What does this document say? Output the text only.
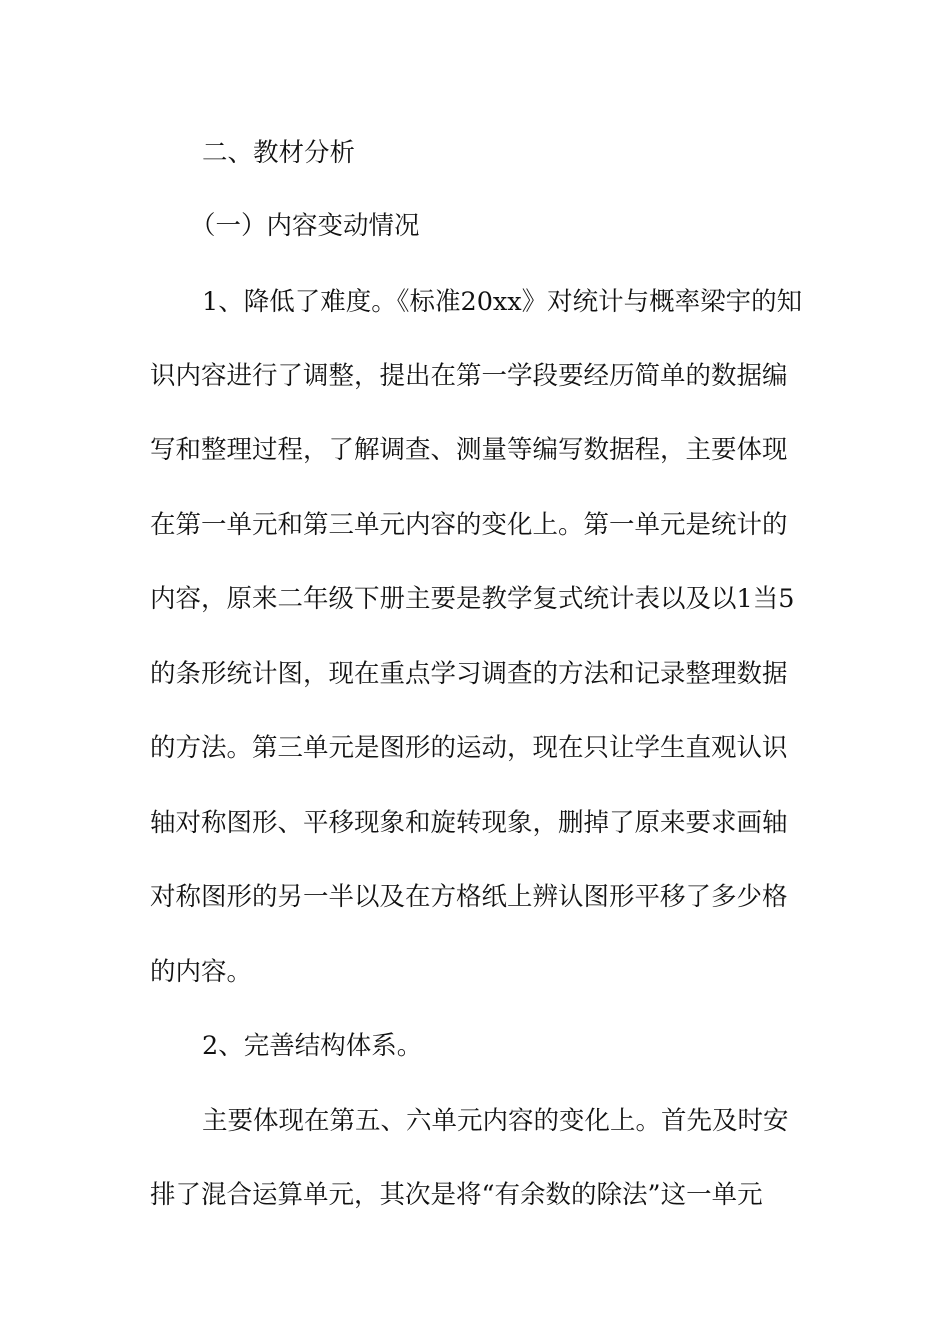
二、教材分析
（一）内容变动情况
1、降低了难度。《标准20xx》对统计与概率梁宇的知
识内容进行了调整，提出在第一学段要经历简单的数据编
写和整理过程，了解调查、测量等编写数据程，主要体现
在第一单元和第三单元内容的变化上。第一单元是统计的
内容，原来二年级下册主要是教学复式统计表以及以1当5
的条形统计图，现在重点学习调查的方法和记录整理数据
的方法。第三单元是图形的运动，现在只让学生直观认识
轴对称图形、平移现象和旋转现象，删掉了原来要求画轴
对称图形的另一半以及在方格纸上辨认图形平移了多少格
的内容。
2、完善结构体系。
主要体现在第五、六单元内容的变化上。首先及时安
排了混合运算单元，其次是将“有余数的除法”这一单元
